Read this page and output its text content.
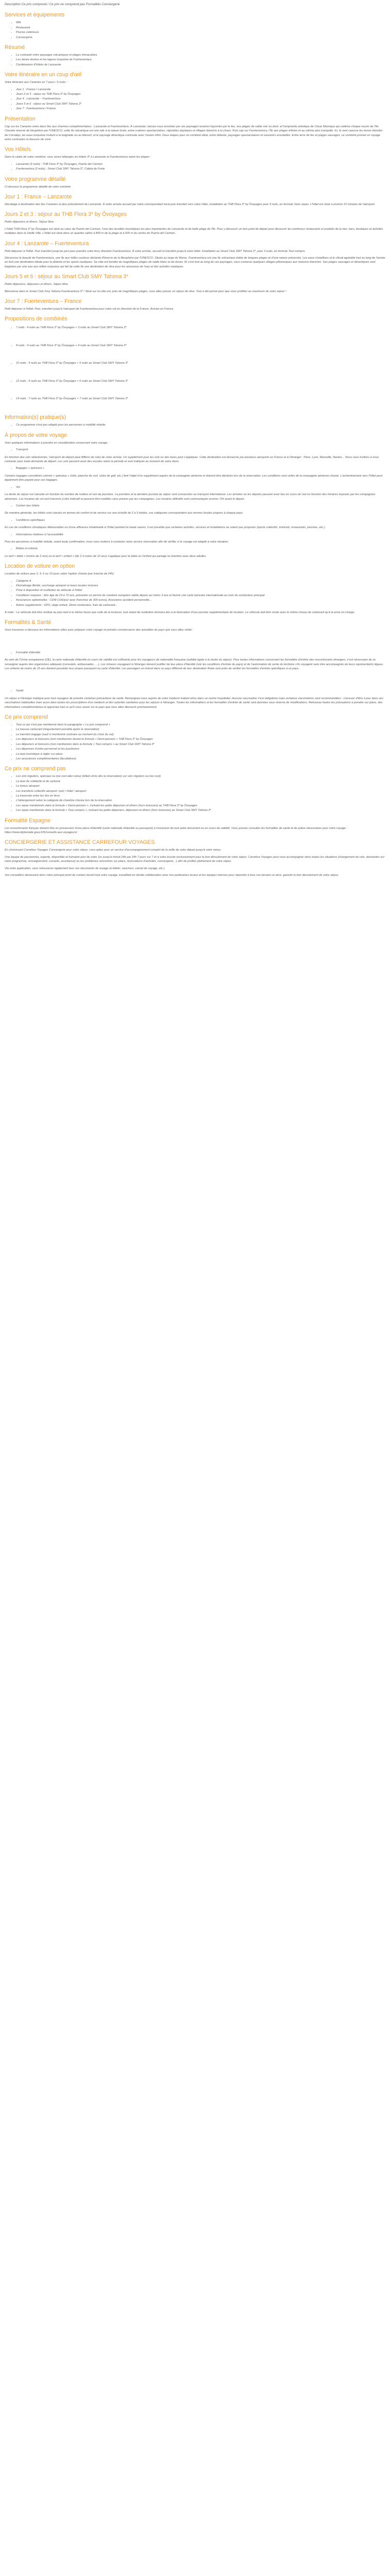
Description Ce prix comprend / Ce prix ne comprend pas Formalités Conciergerie
Services et équipements
• Wifi
• Restaurant
• Piscine extérieure
• Conciergerie
Résumé
• La contrasté entre paysages volcaniques et plages immaculées
• Les dunes dorées et les lagons turquoise de Fuerteventura
• Combinaison d'hôtels de Lanzarote
Votre itinéraire en un coup d'œil

Votre itinéraire aux Canaries en 7 jours / 6 nuits :

• Jour 1 : France / Lanzarote
• Jours 2 et 3 : séjour au THB Flora 3* by Ôvoyages
• Jour 4 : Lanzarote – Fuerteventura
• Jours 5 et 6 : séjour au Smart Club SMY Tahona 3*
• Jour 7 : Fuerteventura / France
Présentation

Cap sur les Canaries entre deux îles aux charmes complémentaires : Lanzarote et Fuerteventura. À Lanzarote, laissez-vous envoûter par ses paysages lunaires façonnés par le feu, ses plages de sable noir ou doré, et l'empreinte artistique de César Manrique qui sublime chaque recoin de l'île. Classée réserve de biosphère par l'UNESCO, cette île volcanique est une ode à la nature brute, entre cratères spectaculaires, vignobles atypiques et villages blanchis à la chaux. Puis cap sur Fuerteventura, l'île aux plages infinies et au rythme plus tranquille. Ici, le vent caresse les dunes blondes de Corralejo, les eaux turquoise invitent à la baignade ou au kitesurf, et le paysage désertique contraste avec l'océan infini. Deux étapes pour un combiné idéal, entre détente, paysages spectaculaires et souvenirs ensoleillés. Entre terre de feu et plages sauvages, ce combiné promet un voyage entre contrastes et douceur de vivre.

Vos Hôtels

Dans le cadre de votre combiné, vous serez hébergés en hôtels 3* à Lanzarote et Fuerteventura selon les étapes :

• Lanzarote (3 nuits) : THB Flora 3* by Ôvoyages, Puerto del Carmen
• Fuerteventura (3 nuits) : Smart Club SMY Tahona 3*, Caleta de Fuste
Votre programme détaillé

Ci-dessous le programme détaillé de votre combiné

Jour 1 : France – Lanzarote

Décollage à destination des îles Canaries et plus précisément de Lanzarote. À votre arrivée accueil par notre correspondant local puis transfert vers votre hôtel, installation au THB Flora 3* by Ôvoyages pour 3 nuits, en formule Sans repas. L'hôtel est situé à environ 10 minutes de l'aéroport.

Jours 2 et 3 : séjour au THB Flora 3* by Ôvoyages

Petits déjeuners et dîners. Séjour libre.

L'hôtel THB Flora 3* by Ôvoyages est situé au cœur de Puerto del Carmen, l'une des localités touristiques les plus importantes de Lanzarote et de belle plage de l'île. Pour y découvrir un bon point de départ pour découvrir les nombreux restaurants et produits de la mer, bars, boutiques et activités multiples dans la Vieille Ville. L'hôtel est situé dans un quartier calme à 800 m de la plage et à 500 m du centre de Puerto del Carmen.

Jour 4 : Lanzarote – Fuerteventura

Petit déjeuner à l'hôtel. Puis transfert jusqu'au port pour prendre votre ferry direction Fuerteventura. À votre arrivée, accueil et transfert jusqu'à votre hôtel. Installation au Smart Club SMY Tahona 3*, pour 3 nuits, en formule Tout compris.

Découvrez la beauté de Fuerteventura, une île aux milles couleurs déclarée Réserve de la Biosphère par l'UNESCO. Située au large du Maroc, Fuerteventura est une île volcanique dotée de longues plages et d'une nature préservée. Les eaux cristallines et le climat agréable tout au long de l'année en font une destination idéale pour la détente et les sports nautiques. Sa côte est bordée de magnifiques plages de sable blanc et de dunes. Et c'est tout au long de ces paysages, vous croiserez quelques villages pittoresques aux maisons blanches. Ses plages sauvages et désertiques sont baignées par une eau aux reflets turquoise qui fait de cette île une destination de rêve pour les amoureux de l'eau et des activités nautiques.

Jours 5 et 6 : séjour au Smart Club SMY Tahona 3*

Petits déjeuners, déjeuners et dîners. Séjour libre.

Bienvenue dans le Smart Club Smy Tahona Fuerteventura 3* ! Situé sur la côte est, près de magnifiques plages, vous allez passer un séjour de rêve. Tout a été pensé pour que vous profitiez au maximum de votre séjour !

Jour 7 : Fuerteventura – France

Petit déjeuner à l'hôtel. Puis, transfert jusqu'à l'aéroport de Fuerteventura pour votre vol en direction de la France. Arrivée en France.

Propositions de combinés
• 7 nuits : 4 nuits au THB Flora 3* by Ôvoyages + 3 nuits au Smart Club SMY Tahona 3*
• 8 nuits : 4 nuits au THB Flora 3* by Ôvoyages + 4 nuits au Smart Club SMY Tahona 3*
• 10 nuits : 5 nuits au THB Flora 3* by Ôvoyages + 5 nuits au Smart Club SMY Tahona 3*
• 12 nuits : 6 nuits au THB Flora 3* by Ôvoyages + 6 nuits au Smart Club SMY Tahona 3*
• 14 nuits : 7 nuits au THB Flora 3* by Ôvoyages + 7 nuits au Smart Club SMY Tahona 3*
Information(s) pratique(s)
• Ce programme n'est pas adapté pour les personnes à mobilité réduite.
À propos de votre voyage

Voici quelques informations à prendre en considération concernant votre voyage :

• Transport

En fonction des vols sélectionnés, l'aéroport de départ peut différer de celui de votre arrivée. Un supplément pour les vols ou des taxes peut s'appliquer. Cette destination est desservie par plusieurs aéroports en France et à l'étranger : Paris, Lyon, Marseille, Nantes... Nous vous invitons à nous contacter pour toute demande de départ. Les vols peuvent avoir des escales selon la période et sont indiqués au moment de votre devis.

• Bagages « spéciaux »

Certains bagages considérés comme « spéciaux » (vélo, planche de surf, clubs de golf, etc.) font l'objet d'un supplément auprès de la compagnie aérienne et doivent être déclarés lors de la réservation. Les conditions sont celles de la compagnie aérienne choisie. L'acheminement vers l'hôtel peut également être payant pour ces bagages.

• Vol

La durée du séjour est calculée en fonction du nombre de nuitées et non de journées. La première et la dernière journée du séjour sont consacrées au transport international. Les arrivées ou les départs peuvent avoir lieu en cours de nuit en fonction des horaires imposés par les compagnies aériennes. Les horaires de vol sont transmis à titre indicatif et peuvent être modifiés sans préavis par les compagnies. Les horaires définitifs sont communiqués environ 72h avant le départ.

• Confort des hôtels

De manière générale, les hôtels sont classés en termes de confort et de service sur une échelle de 2 à 5 étoiles, ces catégories correspondent aux normes locales propres à chaque pays.

• Conditions spécifiques

En cas de conditions climatiques défavorables ou d'une affluence inhabituelle à l'hôtel pendant la haute saison, il est possible que certaines activités, services et installations ne soient pas proposés (sports collectifs, miniclub, restaurants, piscines, etc.).

• Informations relatives à l'accessibilité

Pour les personnes à mobilité réduite, avant toute confirmation, nous vous invitons à contacter notre service réservation afin de vérifier si le voyage est adapté à votre situation.

• Bébés et enfants

Le tarif « bébé » (moins de 2 ans) ou le tarif « enfant » (de 2 à moins de 12 ans) s'applique pour le bébé ou l'enfant qui partage la chambre avec deux adultes.

Location de voiture en option

Location de voiture pour 2, 4, 6 ou 10 jours selon l'option choisie (par tranche de 24h)

• Catégorie A
• Kilométrage illimité, surcharge aéroport et taxes locales incluses
• Prise à disposition et restitution du véhicule à l'hôtel
• Conditions requises : être âgé de 23 à 72 ans, présenter un permis de conduire européen valide depuis au moins 3 ans et fournir une carte bancaire internationale au nom du conducteur principal.
• Assurances optionnelles : CDW (13€/jour avec franchise de 300 euros), Assurance accident personnelle…
• Autres suppléments : GPS, siège enfant, 2ème conducteur, frais de carburant...

À noter : Le véhicule doit être restitué au plus tard à la même heure que celle de la livraison, tout retard de restitution donnera lieu à la facturation d'une journée supplémentaire de location. Le véhicule doit être rendu avec le même niveau de carburant qu'à la prise en charge.

Formalités & Santé

Vous trouverez ci-dessous les informations utiles pour préparer votre voyage et prendre connaissance des actualités du pays que vous allez visiter.

• Formalité d'identité

Au sein de l'Union européenne (UE), la carte nationale d'identité en cours de validité est suffisante pour les voyageurs de nationalité française (validité égale à la durée du séjour). Pour toutes informations concernant les formalités d'entrée des ressortissants étrangers, il est nécessaire de se renseigner auprès des organismes adéquats (consulats, ambassades, …). Les mineurs voyageant à l'étranger doivent justifier de leur pièce d'identité (voir les conditions d'entrée du pays) et de l'autorisation de sortie du territoire s'ils voyagent sans être accompagnés de leurs représentants légaux. Les enfants de moins de 15 ans doivent posséder leur propre passeport ou carte d'identité. Les passagers en transit dans un pays différent de leur destination finale sont priés de vérifier les formalités d'entrée spécifiques à ce pays.

• Santé

Un séjour à l'étranger implique pour tout voyageur de prendre certaines précautions de santé. Renseignez-vous auprès de votre médecin traitant et/ou dans un centre hospitalier. Aucune vaccination n'est obligatoire mais certaines vaccinations sont recommandées : s'assurer d'être à jour dans ses vaccinations habituelles mais aussi dans toutes les prescriptions d'un médecin et des autorités sanitaires pour les séjours à l'étranger. Toutes les informations et les formalités d'entrée de santé sont données sous réserve de modifications. Retrouvez toutes les précautions à prendre sur place, des informations complémentaires et apprenez tout ce qu'il vous savoir sur le pays que vous allez découvrir prochainement.

Ce prix comprend
• Tout ce qui n'est pas mentionné dans le paragraphe « Le prix comprend »
• La hausse carburant (réajustement possible après la réservation)
• Le transfert bagage (sauf si mentionné contraire au moment du choix du vol)
• Les déjeuners et boissons (non mentionnés durant la formule « Demi-pension » THB Flora 3* by Ôvoyages
• Les déjeuners et boissons (non mentionnés dans la formule « Tout compris » au Smart Club SMY Tahona 3*
• Les dépenses d'ordre personnel et les pourboires
• La taxe touristique à régler sur place
• Les assurances complémentaires (facultatives)
Ce prix ne comprend pas
• Les vols réguliers, spéciaux ou low cost aller-retour (billets émis dès la réservation) sur vols réguliers ou low cost)
• La taxe de solidarité et de carbone
• Le bonus aéroport
• Les transferts collectifs aéroport / port / hôtel / aéroport
• La traversée entre les îles en ferry
• L'hébergement selon la catégorie de chambre choisie lors de la réservation
• Les repas mentionnés dans la formule « Demi-pension », incluant les petits déjeuners et dîners (hors boissons) au THB Flora 3* by Ôvoyages
• Les repas mentionnés dans la formule « Tout compris », incluant les petits déjeuners, déjeuners et dîners (hors boissons) au Smart Club SMY Tahona 3*
Formalité Espagne

Les ressortissants français doivent être en possession d'une pièce d'identité (carte nationale d'identité ou passeport) à l'exclusion de tout autre document ou en cours de validité. Vous pouvez consulter les formalités de santé et de police nécessaires pour votre voyage : https://www.diplomatie.gouv.fr/fr/conseils-aux-voyageurs/

CONCIERGERIE ET ASSISTANCE CARREFOUR VOYAGES

En choisissant Carrefour Voyages Conciergerie pour votre séjour, vous optez pour un service d'accompagnement complet de la veille de votre départ jusqu'à votre retour.

Une équipe de passionnés, experte, disponible et humaine plus de votre 1er jusqu'à minuit 24h par 24h 7 jours sur 7 et à votre écoute exclusivement pour le bon déroulement de votre séjour. Carrefour Voyages peut vous accompagner dans toutes les situations (changement de vols, demandes sur votre programme, renseignement, conseils, assistance) ou les problèmes rencontrés sur place, réservations d'activités, conciergerie…) afin de profiter pleinement de votre séjour.

Via votre application, vous retrouverez également tous vos documents de voyage (e-billets, vouchers, carnet de voyage, etc.).

Vos conseillers demeurent alors votre principal point de contact durant tout votre voyage, travaillant en étroite collaboration avec nos partenaires locaux et les équipes internes pour répondre à tous vos besoins et ainsi, garantir le bon déroulement de votre séjour.
